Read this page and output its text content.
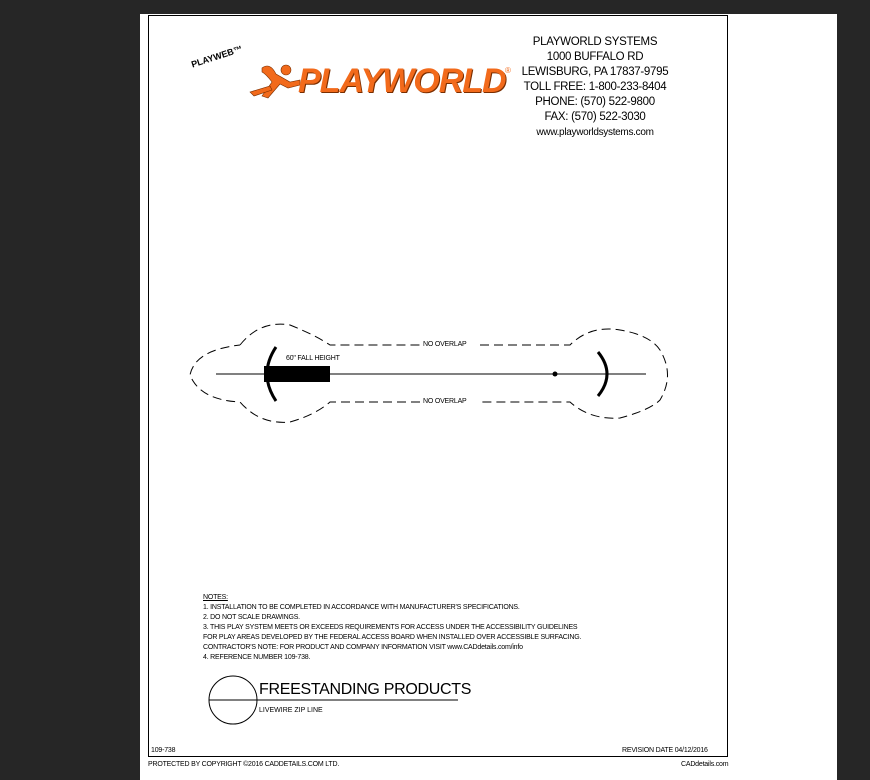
PLAYWEB™
PLAYWORLD ®
PLAYWORLD SYSTEMS
1000 BUFFALO RD
LEWISBURG, PA 17837-9795
TOLL FREE: 1-800-233-8404
PHONE: (570) 522-9800
FAX: (570) 522-3030
www.playworldsystems.com
60" FALL HEIGHT
NO OVERLAP
NO OVERLAP
NOTES:
1. INSTALLATION TO BE COMPLETED IN ACCORDANCE WITH MANUFACTURER'S SPECIFICATIONS.
2. DO NOT SCALE DRAWINGS.
3. THIS PLAY SYSTEM MEETS OR EXCEEDS REQUIREMENTS FOR ACCESS UNDER THE ACCESSIBILITY GUIDELINES
FOR PLAY AREAS DEVELOPED BY THE FEDERAL ACCESS BOARD WHEN INSTALLED OVER ACCESSIBLE SURFACING.
CONTRACTOR'S NOTE: FOR PRODUCT AND COMPANY INFORMATION VISIT www.CADdetails.com/info
4. REFERENCE NUMBER 109-738.
FREESTANDING PRODUCTS
LIVEWIRE ZIP LINE
109-738	REVISION DATE 04/12/2016
PROTECTED BY COPYRIGHT ©2016 CADDETAILS.COM LTD.	CADdetails.com
